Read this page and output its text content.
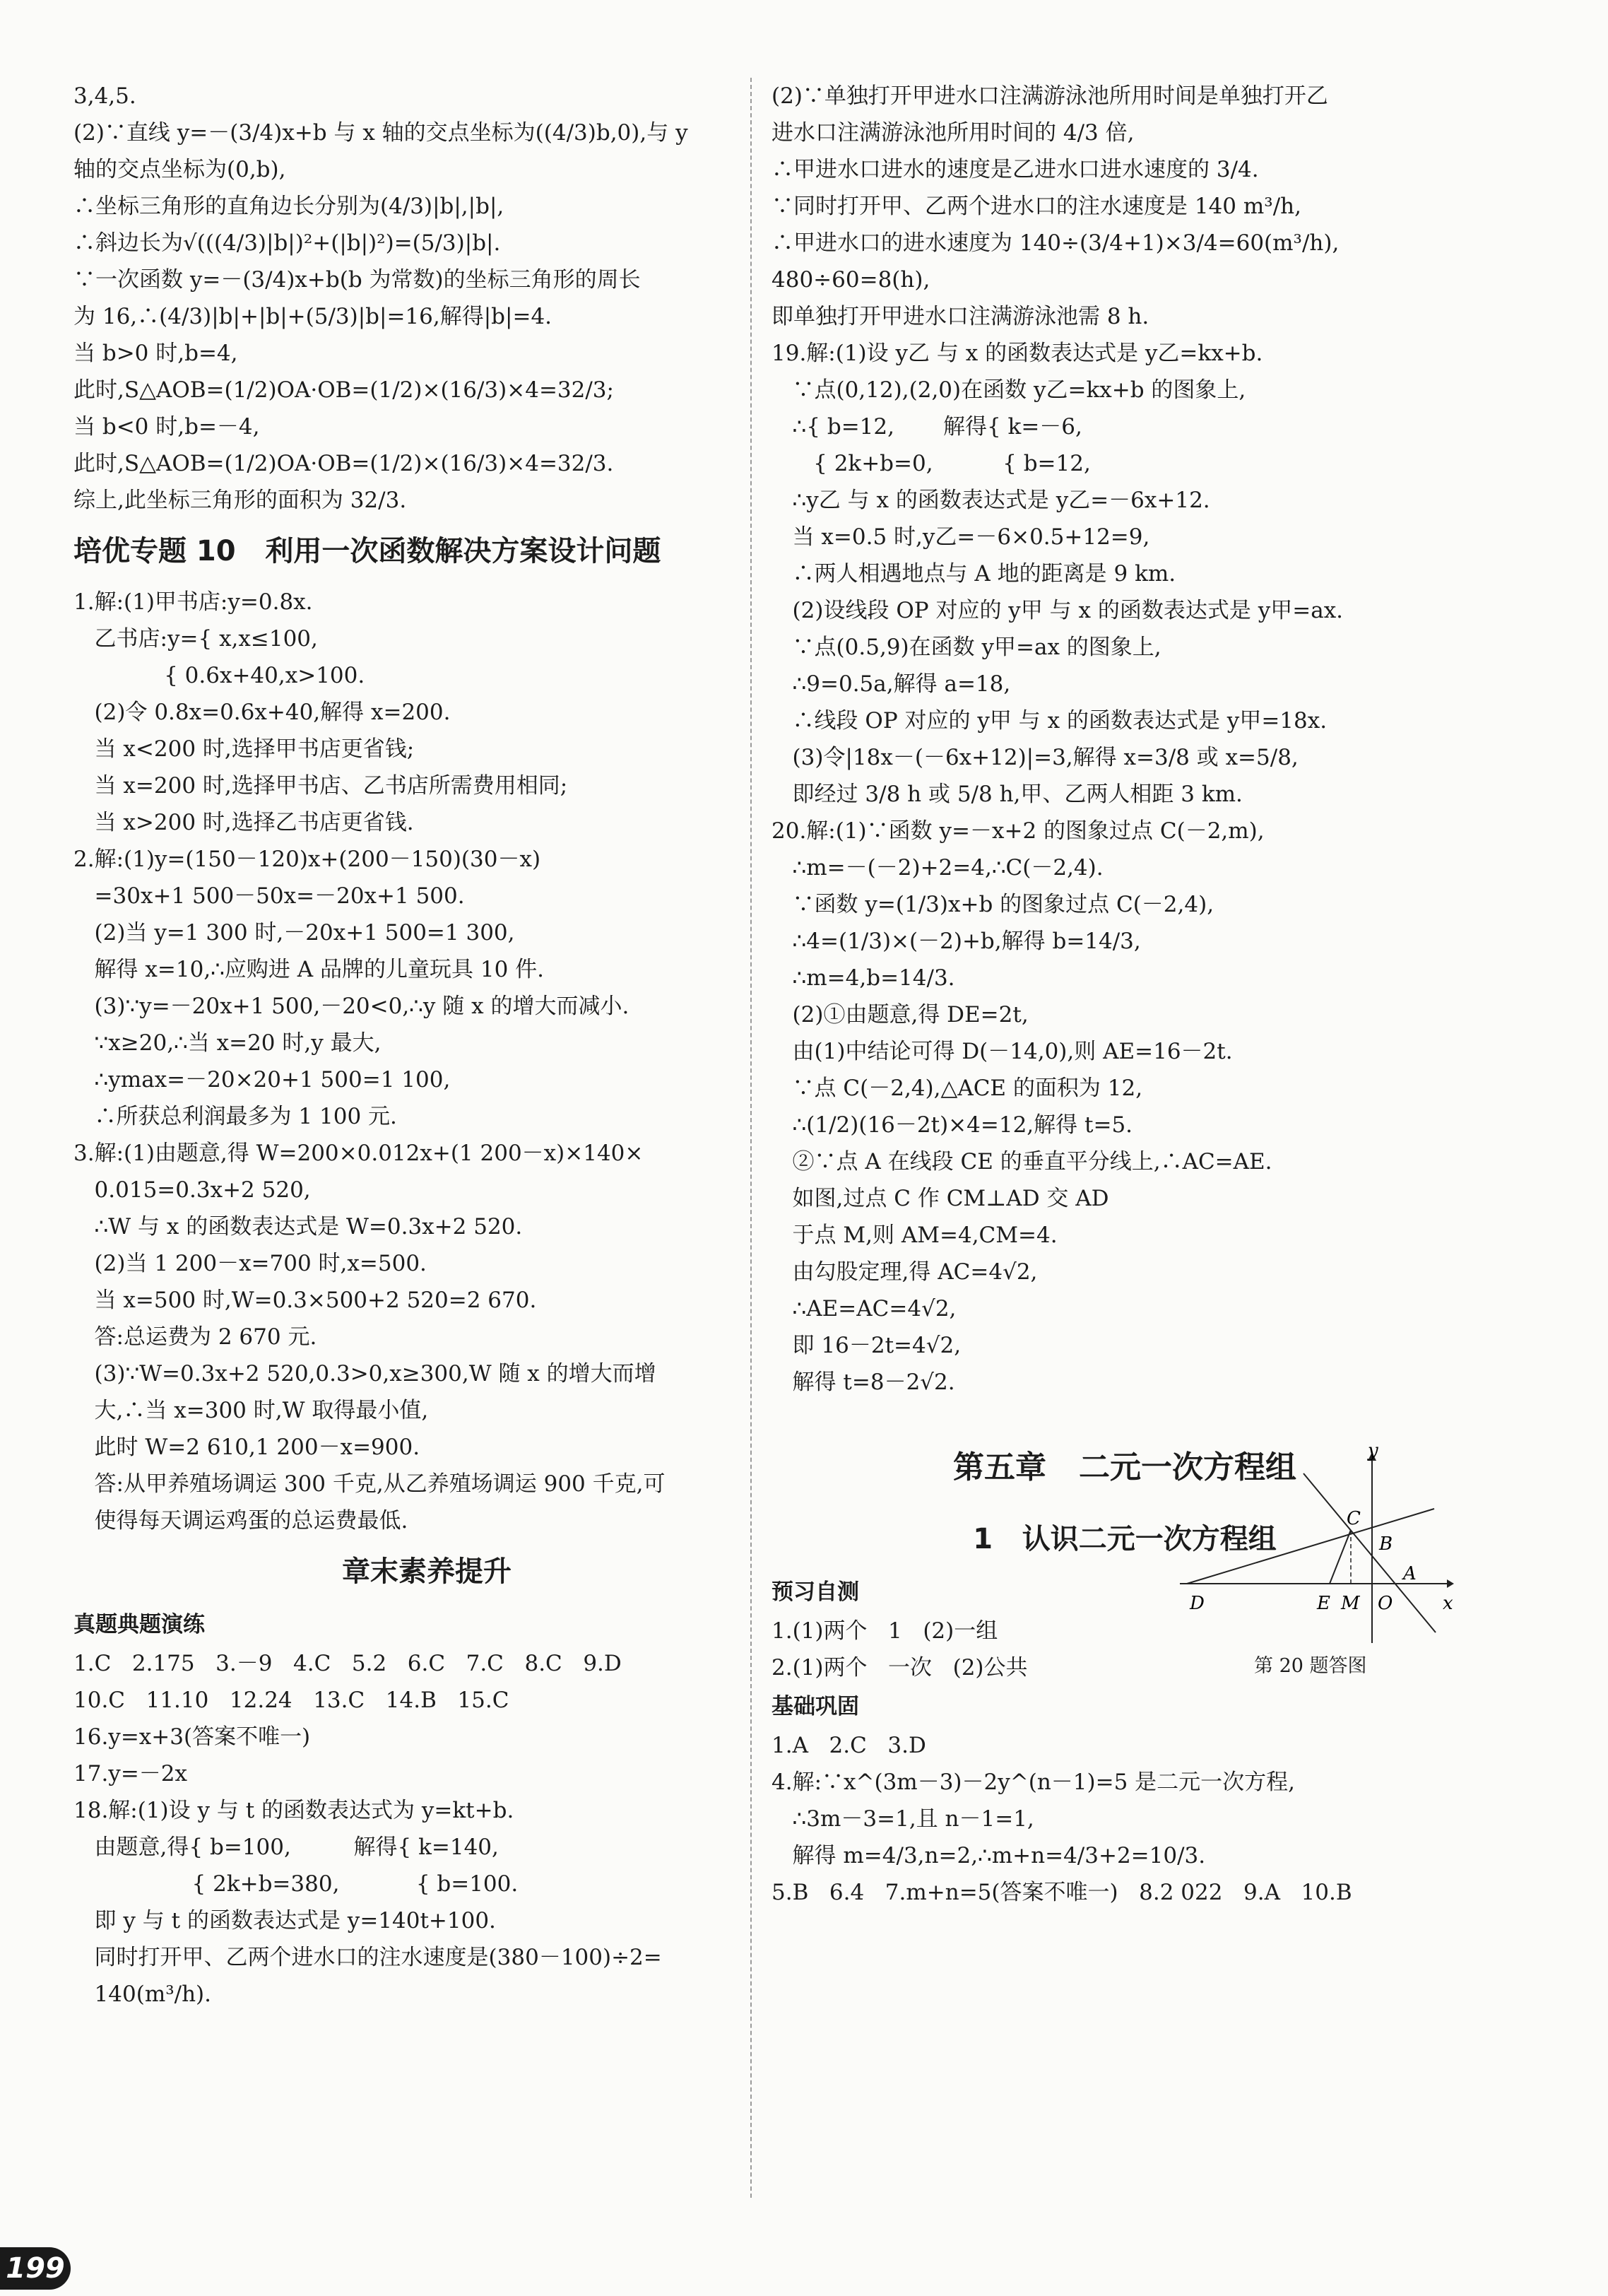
3,4,5.
(2)∵直线 y=－(3/4)x+b 与 x 轴的交点坐标为((4/3)b,0),与 y
轴的交点坐标为(0,b),
∴坐标三角形的直角边长分别为(4/3)|b|,|b|,
∴斜边长为√(((4/3)|b|)²+(|b|)²)=(5/3)|b|.
∵一次函数 y=－(3/4)x+b(b 为常数)的坐标三角形的周长
为 16,∴(4/3)|b|+|b|+(5/3)|b|=16,解得|b|=4.
当 b>0 时,b=4,
此时,S△AOB=(1/2)OA·OB=(1/2)×(16/3)×4=32/3;
当 b<0 时,b=－4,
此时,S△AOB=(1/2)OA·OB=(1/2)×(16/3)×4=32/3.
综上,此坐标三角形的面积为 32/3.
培优专题 10   利用一次函数解决方案设计问题
1.解:(1)甲书店:y=0.8x.
乙书店:y={ x,x≤100,
{ 0.6x+40,x>100.
(2)令 0.8x=0.6x+40,解得 x=200.
当 x<200 时,选择甲书店更省钱;
当 x=200 时,选择甲书店、乙书店所需费用相同;
当 x>200 时,选择乙书店更省钱.
2.解:(1)y=(150－120)x+(200－150)(30－x)
=30x+1 500－50x=－20x+1 500.
(2)当 y=1 300 时,－20x+1 500=1 300,
解得 x=10,∴应购进 A 品牌的儿童玩具 10 件.
(3)∵y=－20x+1 500,－20<0,∴y 随 x 的增大而减小.
∵x≥20,∴当 x=20 时,y 最大,
∴ymax=－20×20+1 500=1 100,
∴所获总利润最多为 1 100 元.
3.解:(1)由题意,得 W=200×0.012x+(1 200－x)×140×
0.015=0.3x+2 520,
∴W 与 x 的函数表达式是 W=0.3x+2 520.
(2)当 1 200－x=700 时,x=500.
当 x=500 时,W=0.3×500+2 520=2 670.
答:总运费为 2 670 元.
(3)∵W=0.3x+2 520,0.3>0,x≥300,W 随 x 的增大而增
大,∴当 x=300 时,W 取得最小值,
此时 W=2 610,1 200－x=900.
答:从甲养殖场调运 300 千克,从乙养殖场调运 900 千克,可
使得每天调运鸡蛋的总运费最低.
章末素养提升
真题典题演练
1.C   2.175   3.－9   4.C   5.2   6.C   7.C   8.C   9.D
10.C   11.10   12.24   13.C   14.B   15.C
16.y=x+3(答案不唯一)
17.y=－2x
18.解:(1)设 y 与 t 的函数表达式为 y=kt+b.
由题意,得{ b=100,         解得{ k=140,
{ 2k+b=380,           { b=100.
即 y 与 t 的函数表达式是 y=140t+100.
同时打开甲、乙两个进水口的注水速度是(380－100)÷2=
140(m³/h).
(2)∵单独打开甲进水口注满游泳池所用时间是单独打开乙
进水口注满游泳池所用时间的 4/3 倍,
∴甲进水口进水的速度是乙进水口进水速度的 3/4.
∵同时打开甲、乙两个进水口的注水速度是 140 m³/h,
∴甲进水口的进水速度为 140÷(3/4+1)×3/4=60(m³/h),
480÷60=8(h),
即单独打开甲进水口注满游泳池需 8 h.
19.解:(1)设 y乙 与 x 的函数表达式是 y乙=kx+b.
∵点(0,12),(2,0)在函数 y乙=kx+b 的图象上,
∴{ b=12,       解得{ k=－6,
{ 2k+b=0,          { b=12,
∴y乙 与 x 的函数表达式是 y乙=－6x+12.
当 x=0.5 时,y乙=－6×0.5+12=9,
∴两人相遇地点与 A 地的距离是 9 km.
(2)设线段 OP 对应的 y甲 与 x 的函数表达式是 y甲=ax.
∵点(0.5,9)在函数 y甲=ax 的图象上,
∴9=0.5a,解得 a=18,
∴线段 OP 对应的 y甲 与 x 的函数表达式是 y甲=18x.
(3)令|18x－(－6x+12)|=3,解得 x=3/8 或 x=5/8,
即经过 3/8 h 或 5/8 h,甲、乙两人相距 3 km.
20.解:(1)∵函数 y=－x+2 的图象过点 C(－2,m),
∴m=－(－2)+2=4,∴C(－2,4).
∵函数 y=(1/3)x+b 的图象过点 C(－2,4),
∴4=(1/3)×(－2)+b,解得 b=14/3,
∴m=4,b=14/3.
(2)①由题意,得 DE=2t,
由(1)中结论可得 D(－14,0),则 AE=16－2t.
∵点 C(－2,4),△ACE 的面积为 12,
∴(1/2)(16－2t)×4=12,解得 t=5.
②∵点 A 在线段 CE 的垂直平分线上,∴AC=AE.
如图,过点 C 作 CM⊥AD 交 AD
于点 M,则 AM=4,CM=4.
由勾股定理,得 AC=4√2,
∴AE=AC=4√2,
即 16－2t=4√2,
解得 t=8－2√2.
第五章   二元一次方程组
1   认识二元一次方程组
预习自测
1.(1)两个   1   (2)一组
2.(1)两个   一次   (2)公共
基础巩固
1.A   2.C   3.D
4.解:∵x^(3m－3)－2y^(n－1)=5 是二元一次方程,
∴3m－3=1,且 n－1=1,
解得 m=4/3,n=2,∴m+n=4/3+2=10/3.
5.B   6.4   7.m+n=5(答案不唯一)   8.2 022   9.A   10.B
y
x
C
B
A
D	E M O
第 20 题答图
199
